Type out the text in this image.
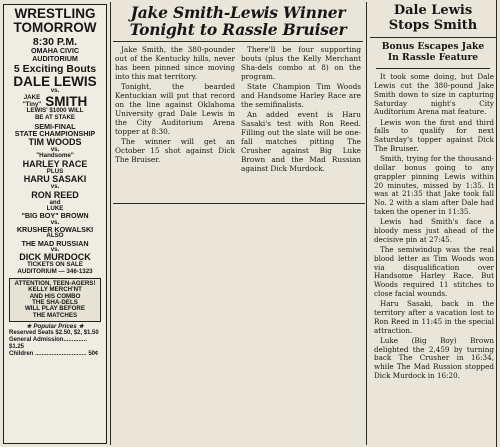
WRESTLING
TOMORROW
8:30 P.M.
OMAHA CIVIC
AUDITORIUM
5 Exciting Bouts
DALE LEWIS
vs.
JAKE
"Tiny" SMITH
LEWIS' $1000 WILL
BE AT STAKE
SEMI-FINAL
STATE CHAMPIONSHIP
TIM WOODS
vs.
"Handsome"
HARLEY RACE
PLUS
HARU SASAKI
vs.
RON REED
and
LUKE
"BIG BOY" BROWN
vs.
KRUSHER KOWALSKI
ALSO
THE MAD RUSSIAN
vs.
DICK MURDOCK
TICKETS ON SALE
AUDITORIUM — 346-1323
ATTENTION, TEEN-AGERS!
KELLY MERCH'NT
AND HIS COMBO
THE SHA-DELS
WILL PLAY BEFORE
THE MATCHES
★ Popular Prices ★
Reserved Seats $2.50, $2, $1.50
General Admission.............. $1.25
Children ............................... 50¢
Jake Smith-Lewis Winner
Tonight to Rassle Bruiser

Jake Smith, the 380-pounder out of the Kentucky hills, never has been pinned since moving into this mat territory.

Tonight, the bearded Kentuckian will put that record on the line against Oklahoma University grad Dale Lewis in the City Auditorium Arena topper at 8:30.

The winner will get an October 15 shot against Dick The Bruiser.

There'll be four supporting bouts (plus the Kelly Merchant Sha-dels combo at 8) on the program.

State Champion Tim Woods and Handsome Harley Race are the semifinalists.

An added event is Haru Sasaki's test with Ron Reed. Filling out the slate will be one-fall matches pitting The Crusher against Big Luke Brown and the Mad Russian against Dick Murdock.

Dale Lewis
Stops Smith
Bonus Escapes Jake
In Rassle Feature

It took some doing, but Dale Lewis cut the 380-pound Jake Smith down to size in capturing Saturday night's City Auditorium Arena mat feature.

Lewis won the first and third falls to qualify for next Saturday's topper against Dick The Bruiser.

Smith, trying for the thousand-dollar bonus going to any grappler pinning Lewis within 20 minutes, missed by 1:35. It was at 21:35 that Jake took fall No. 2 with a slam after Dale had taken the opener in 11:35.

Lewis had Smith's face a bloody mess just ahead of the decisive pin at 27:45.

The semiwindup was the real blood letter as Tim Woods won via disqualification over Handsome Harley Race. But Woods required 11 stitches to close facial wounds.

Haru Sasaki, back in the territory after a vacation lost to Ron Reed in 11:45 in the special attraction.

Luke (Big Boy) Brown delighted the 2,459 by turning back The Crusher in 16:34, while The Mad Russion stopped Dick Murdock in 16:20.
